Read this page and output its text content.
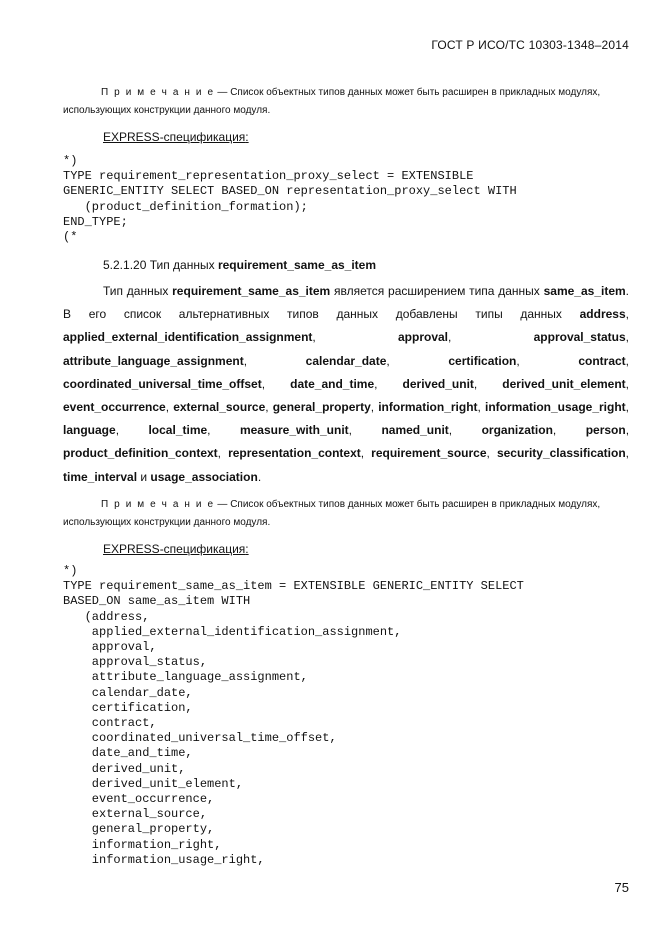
ГОСТ Р ИСО/ТС 10303-1348–2014
П р и м е ч а н и е — Список объектных типов данных может быть расширен в прикладных модулях, использующих конструкции данного модуля.
EXPRESS-спецификация:
*)
TYPE requirement_representation_proxy_select = EXTENSIBLE
GENERIC_ENTITY SELECT BASED_ON representation_proxy_select WITH
(product_definition_formation);
END_TYPE;
(*
5.2.1.20 Тип данных requirement_same_as_item

Тип данных requirement_same_as_item является расширением типа данных same_as_item. В его список альтернативных типов данных добавлены типы данных address, applied_external_identification_assignment, approval, approval_status, attribute_language_assignment, calendar_date, certification, contract, coordinated_universal_time_offset, date_and_time, derived_unit, derived_unit_element, event_occurrence, external_source, general_property, information_right, information_usage_right, language, local_time, measure_with_unit, named_unit, organization, person, product_definition_context, representation_context, requirement_source, security_classification, time_interval и usage_association.

П р и м е ч а н и е — Список объектных типов данных может быть расширен в прикладных модулях, использующих конструкции данного модуля.
EXPRESS-спецификация:
*)
TYPE requirement_same_as_item = EXTENSIBLE GENERIC_ENTITY SELECT
BASED_ON same_as_item WITH
(address,
applied_external_identification_assignment,
approval,
approval_status,
attribute_language_assignment,
calendar_date,
certification,
contract,
coordinated_universal_time_offset,
date_and_time,
derived_unit,
derived_unit_element,
event_occurrence,
external_source,
general_property,
information_right,
information_usage_right,
75
